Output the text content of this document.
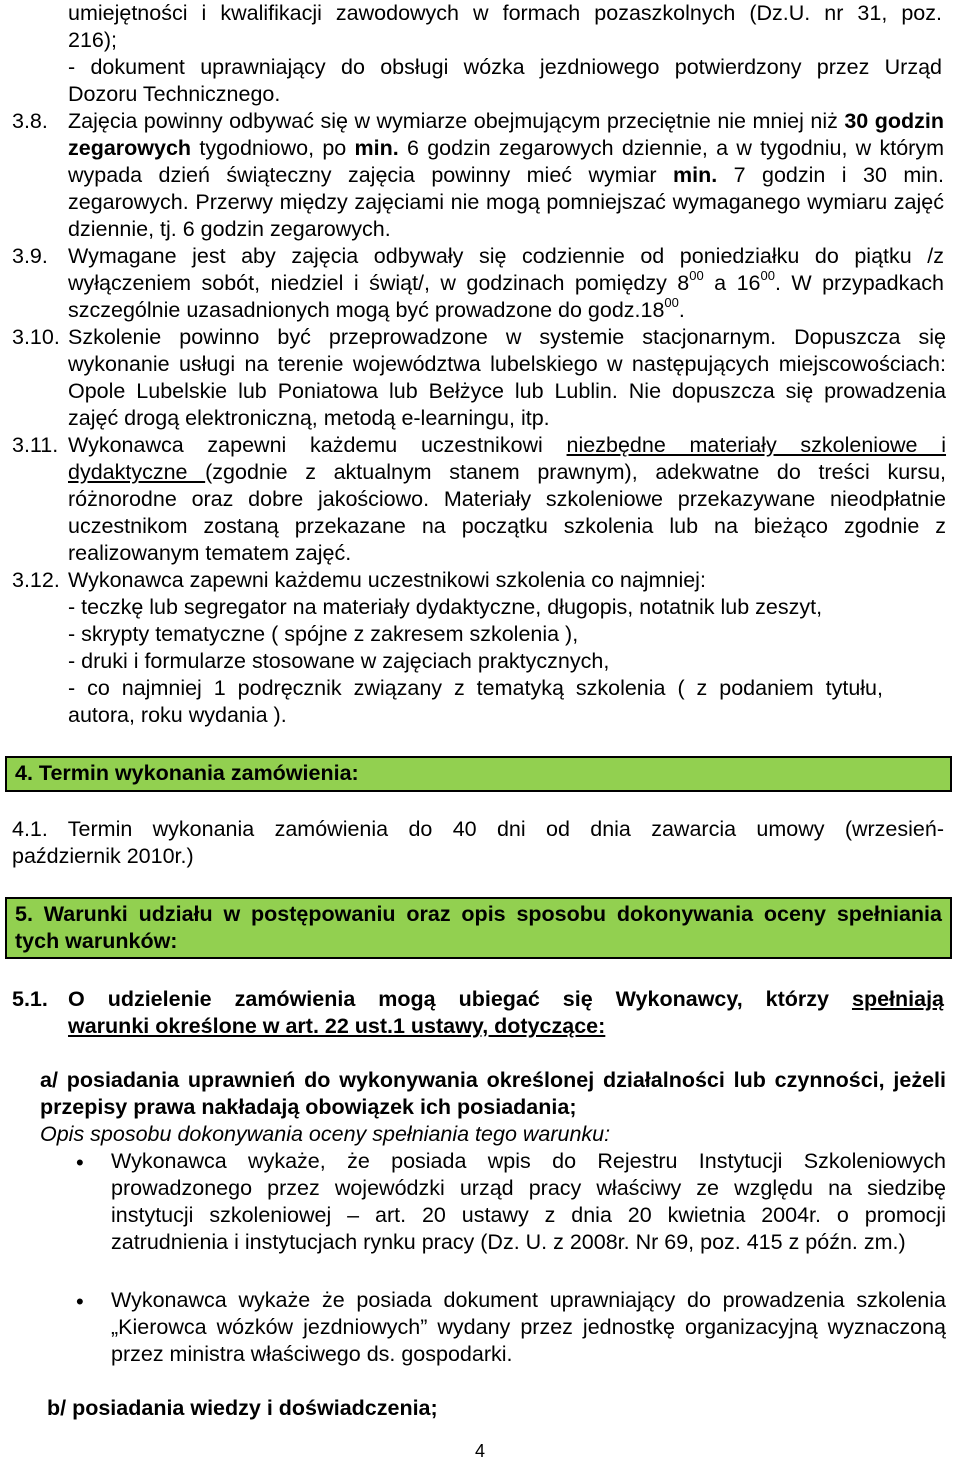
umiejętności i kwalifikacji zawodowych w formach pozaszkolnych (Dz.U. nr 31, poz.
216);
- dokument uprawniający do obsługi wózka jezdniowego potwierdzony przez Urząd
Dozoru Technicznego.
3.8. Zajęcia powinny odbywać się w wymiarze obejmującym przeciętnie nie mniej niż 30 godzin zegarowych tygodniowo, po min. 6 godzin zegarowych dziennie, a w tygodniu, w którym wypada dzień świąteczny zajęcia powinny mieć wymiar min. 7 godzin i 30 min. zegarowych. Przerwy między zajęciami nie mogą pomniejszać wymaganego wymiaru zajęć dziennie, tj. 6 godzin zegarowych.
3.9. Wymagane jest aby zajęcia odbywały się codziennie od poniedziałku do piątku /z wyłączeniem sobót, niedziel i świąt/, w godzinach pomiędzy $8^{00}$ a $16^{00}$. W przypadkach szczególnie uzasadnionych mogą być prowadzone do $godz.18^{00}$.
3.10. Szkolenie powinno być przeprowadzone w systemie stacjonarnym. Dopuszcza się wykonanie usługi na terenie województwa lubelskiego w następujących miejscowościach: Opole Lubelskie lub Poniatowa lub Bełżyce lub Lublin. Nie dopuszcza się prowadzenia zajęć drogą elektroniczną, metodą e-learningu, itp.
3.11. Wykonawca zapewni każdemu uczestnikowi niezbędne materiały szkoleniowe i dydaktyczne (zgodnie z aktualnym stanem prawnym), adekwatne do treści kursu, różnorodne oraz dobre jakościowo. Materiały szkoleniowe przekazywane nieodpłatnie uczestnikom zostaną przekazane na początku szkolenia lub na bieżąco zgodnie z realizowanym tematem zajęć.
3.12. Wykonawca zapewni każdemu uczestnikowi szkolenia co najmniej:
- teczkę lub segregator na materiały dydaktyczne, długopis, notatnik lub zeszyt,
- skrypty tematyczne ( spójne z zakresem szkolenia ),
- druki i formularze stosowane w zajęciach praktycznych,
- co najmniej 1 podręcznik związany z tematyką szkolenia ( z podaniem tytułu,
autora, roku wydania ).
4. Termin wykonania zamówienia:
4.1. Termin wykonania zamówienia do 40 dni od dnia zawarcia umowy (wrzesień-
październik 2010r.)
5. Warunki udziału w postępowaniu oraz opis sposobu dokonywania oceny spełniania tych warunków:
5.1. O udzielenie zamówienia mogą ubiegać się Wykonawcy, którzy spełniają
warunki określone w art. 22 ust.1 ustawy, dotyczące:
a/ posiadania uprawnień do wykonywania określonej działalności lub czynności, jeżeli przepisy prawa nakładają obowiązek ich posiadania;
Opis sposobu dokonywania oceny spełniania tego warunku:
• Wykonawca wykaże, że posiada wpis do Rejestru Instytucji Szkoleniowych prowadzonego przez wojewódzki urząd pracy właściwy ze względu na siedzibę instytucji szkoleniowej – art. 20 ustawy z dnia 20 kwietnia 2004r. o promocji zatrudnienia i instytucjach rynku pracy (Dz. U. z 2008r. Nr 69, poz. 415 z późn. zm.)
• Wykonawca wykaże że posiada dokument uprawniający do prowadzenia szkolenia „Kierowca wózków jezdniowych” wydany przez jednostkę organizacyjną wyznaczoną przez ministra właściwego ds. gospodarki.
b/ posiadania wiedzy i doświadczenia;
4
